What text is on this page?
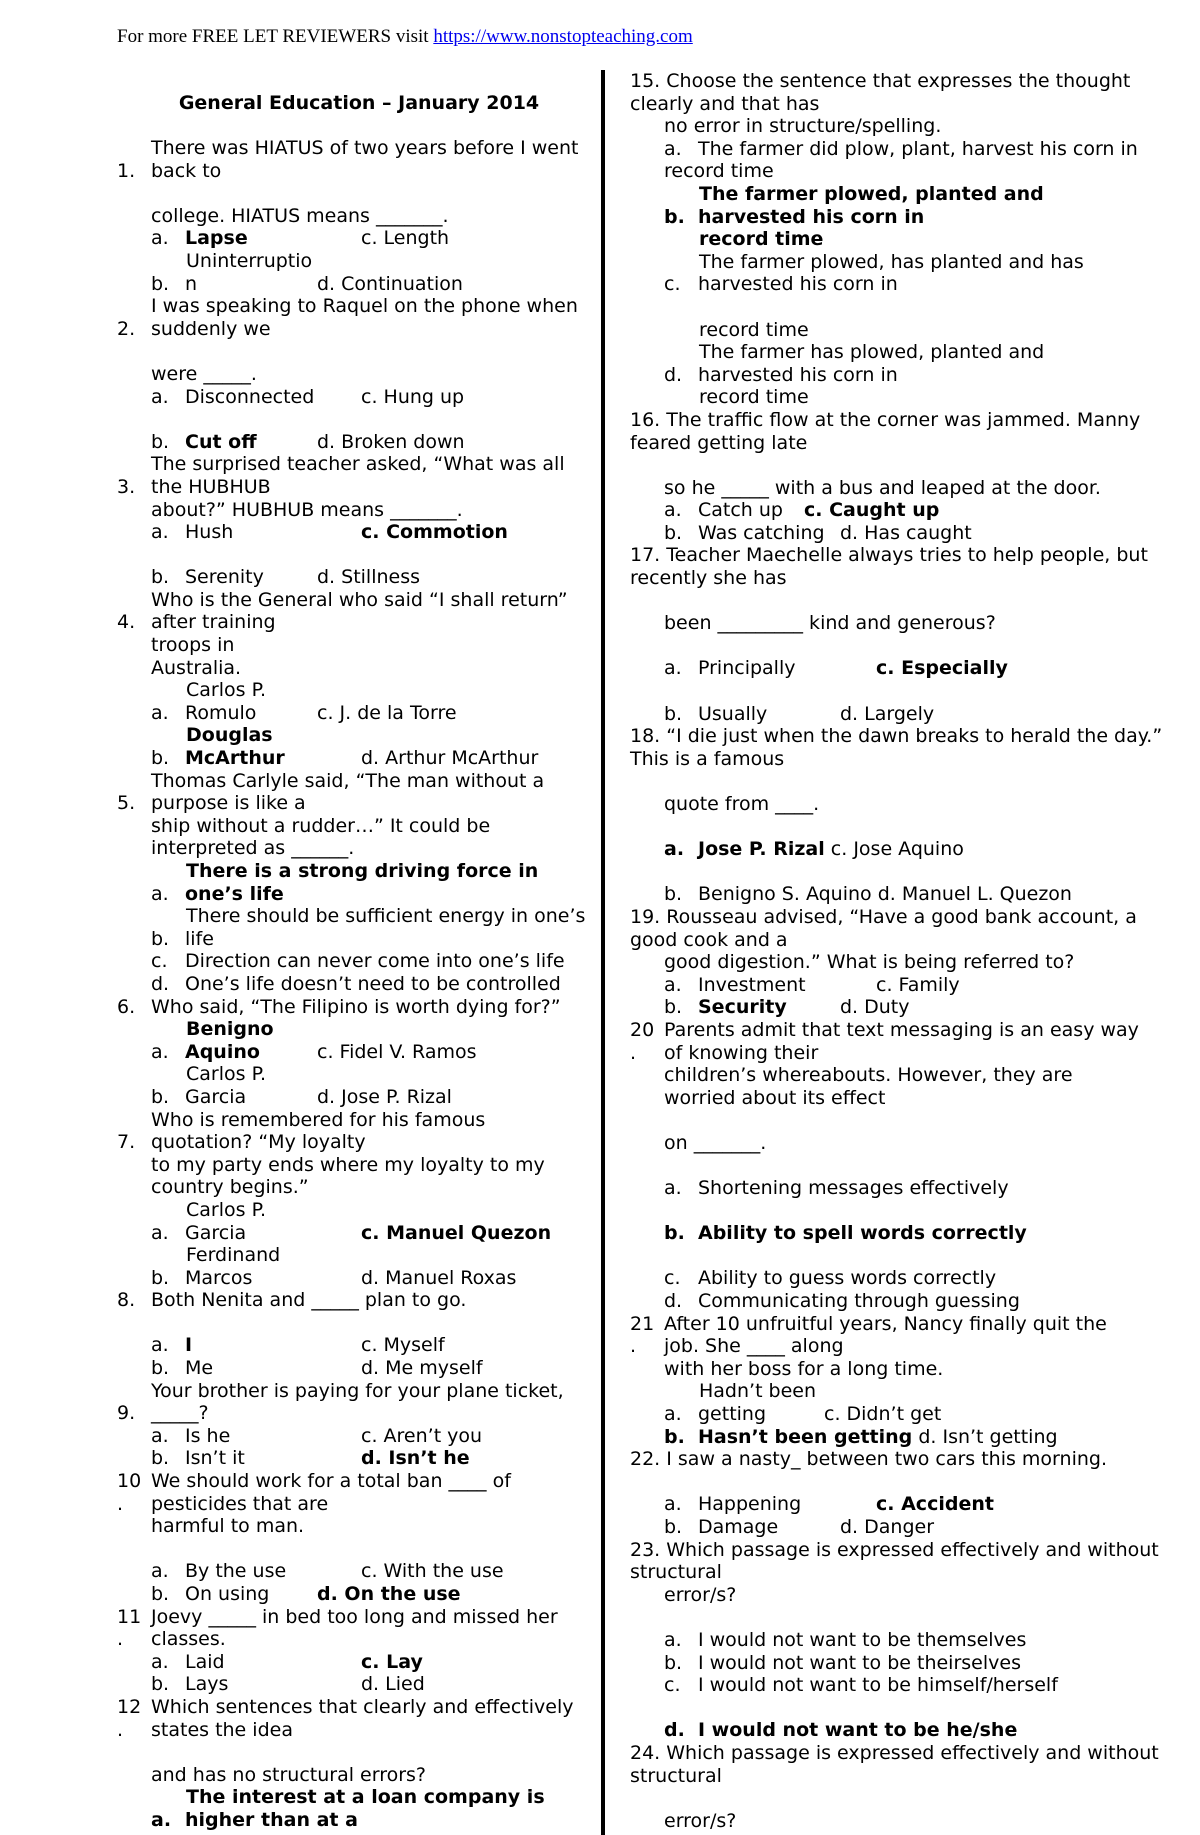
For more FREE LET REVIEWERS visit https://www.nonstopteaching.com
General Education – January 2014
There was HIATUS of two years before I went
1. back to
college. HIATUS means _______.
a. Lapse	c. Length
Uninterruptio
b. n	d. Continuation
I was speaking to Raquel on the phone when
2. suddenly we
were _____.
a. Disconnected c. Hung up
b. Cut off	d. Broken down
The surprised teacher asked, “What was all
3. the HUBHUB
about?” HUBHUB means _______.
a. Hush	c. Commotion
b. Serenity	d. Stillness
Who is the General who said “I shall return”
4. after training
troops in
Australia.
Carlos P.
a. Romulo	c. J. de la Torre
Douglas
b. McArthur	d. Arthur McArthur
Thomas Carlyle said, “The man without a
5. purpose is like a
ship without a rudder…” It could be
interpreted as ______.
There is a strong driving force in
a. one’s life
There should be sufficient energy in one’s
b. life
c. Direction can never come into one’s life
d. One’s life doesn’t need to be controlled
6. Who said, “The Filipino is worth dying for?”
Benigno
a. Aquino	c. Fidel V. Ramos
Carlos P.
b. Garcia	d. Jose P. Rizal
Who is remembered for his famous
7. quotation? “My loyalty
to my party ends where my loyalty to my
country begins.”
Carlos P.
a. Garcia	c. Manuel Quezon
Ferdinand
b. Marcos	d. Manuel Roxas
8. Both Nenita and _____ plan to go.
a. I	c. Myself
b. Me	d. Me myself
Your brother is paying for your plane ticket,
9. _____?
a. Is he	c. Aren’t you
b. Isn’t it	d. Isn’t he
10 We should work for a total ban ____ of
. pesticides that are
harmful to man.
a. By the use	c. With the use
b. On using	d. On the use
11 Joevy _____ in bed too long and missed her
. classes.
a. Laid	c. Lay
b. Lays	d. Lied
12 Which sentences that clearly and effectively
. states the idea
and has no structural errors?
The interest at a loan company is
a. higher than at a
15. Choose the sentence that expresses the thought clearly and that has
no error in structure/spelling.
a. The farmer did plow, plant, harvest his corn in record time
The farmer plowed, planted and
b. harvested his corn in
record time
The farmer plowed, has planted and has
c. harvested his corn in
record time
The farmer has plowed, planted and
d. harvested his corn in
record time
16. The traffic flow at the corner was jammed. Manny feared getting late
so he _____ with a bus and leaped at the door.
a. Catch up c. Caught up
b. Was catching d. Has caught
17. Teacher Maechelle always tries to help people, but recently she has
been _________ kind and generous?
a. Principally	c. Especially
b. Usually	d. Largely
18. “I die just when the dawn breaks to herald the day.” This is a famous
quote from ____.
a. Jose P. Rizal c. Jose Aquino
b. Benigno S. Aquino d. Manuel L. Quezon
19. Rousseau advised, “Have a good bank account, a good cook and a
good digestion.” What is being referred to?
a. Investment	c. Family
b. Security	d. Duty
20 Parents admit that text messaging is an easy way
. of knowing their
children’s whereabouts. However, they are
worried about its effect
on _______.
a. Shortening messages effectively
b. Ability to spell words correctly
c. Ability to guess words correctly
d. Communicating through guessing
21 After 10 unfruitful years, Nancy finally quit the
. job. She ____ along
with her boss for a long time.
Hadn’t been
a. getting	c. Didn’t get
b. Hasn’t been getting d. Isn’t getting
22. I saw a nasty_ between two cars this morning.
a. Happening	c. Accident
b. Damage	d. Danger
23. Which passage is expressed effectively and without structural
error/s?
a. I would not want to be themselves
b. I would not want to be theirselves
c. I would not want to be himself/herself
d. I would not want to be he/she
24. Which passage is expressed effectively and without structural
error/s?
